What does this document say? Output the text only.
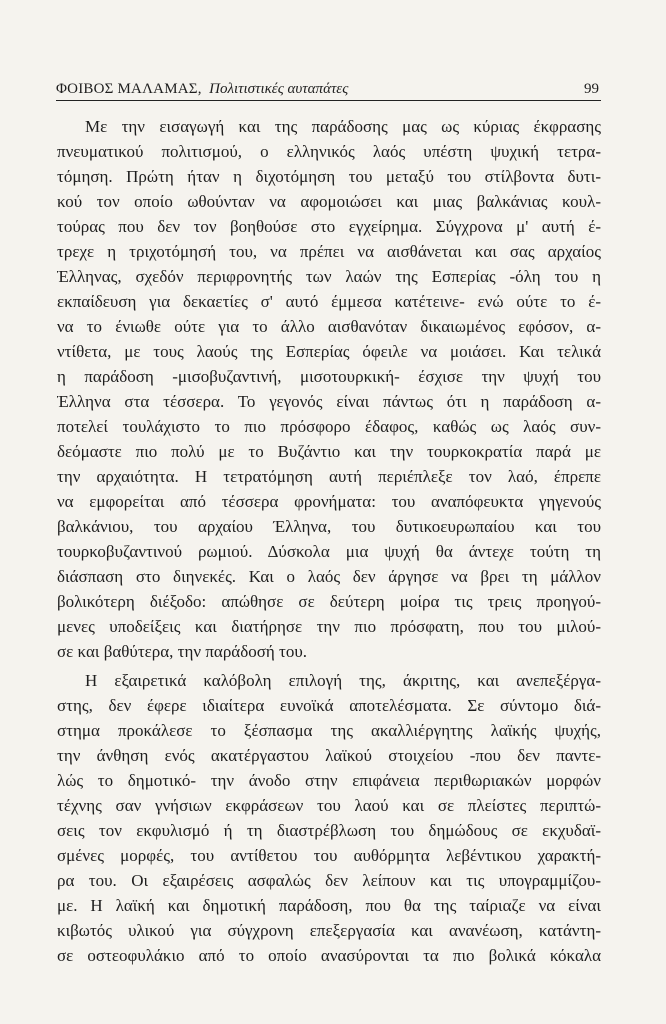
ΦΟΙΒΟΣ ΜΑΛΑΜΑΣ, Πολιτιστικές αυταπάτες	99
Με την εισαγωγή και της παράδοσης μας ως κύριας έκφρασης
πνευματικού πολιτισμού, ο ελληνικός λαός υπέστη ψυχική τετρα-
τόμηση. Πρώτη ήταν η διχοτόμηση του μεταξύ του στίλβοντα δυτι-
κού τον οποίο ωθούνταν να αφομοιώσει και μιας βαλκάνιας κουλ-
τούρας που δεν τον βοηθούσε στο εγχείρημα. Σύγχρονα μ' αυτή έ-
τρεχε η τριχοτόμησή του, να πρέπει να αισθάνεται και σας αρχαίος
Έλληνας, σχεδόν περιφρονητής των λαών της Εσπερίας -όλη του η
εκπαίδευση για δεκαετίες σ' αυτό έμμεσα κατέτεινε- ενώ ούτε το έ-
να το ένιωθε ούτε για το άλλο αισθανόταν δικαιωμένος εφόσον, α-
ντίθετα, με τους λαούς της Εσπερίας όφειλε να μοιάσει. Και τελικά
η παράδοση -μισοβυζαντινή, μισοτουρκική- έσχισε την ψυχή του
Έλληνα στα τέσσερα. Το γεγονός είναι πάντως ότι η παράδοση α-
ποτελεί τουλάχιστο το πιο πρόσφορο έδαφος, καθώς ως λαός συν-
δεόμαστε πιο πολύ με το Βυζάντιο και την τουρκοκρατία παρά με
την αρχαιότητα. Η τετρατόμηση αυτή περιέπλεξε τον λαό, έπρεπε
να εμφορείται από τέσσερα φρονήματα: του αναπόφευκτα γηγενούς
βαλκάνιου, του αρχαίου Έλληνα, του δυτικοευρωπαίου και του
τουρκοβυζαντινού ρωμιού. Δύσκολα μια ψυχή θα άντεχε τούτη τη
διάσπαση στο διηνεκές. Και ο λαός δεν άργησε να βρει τη μάλλον
βολικότερη διέξοδο: απώθησε σε δεύτερη μοίρα τις τρεις προηγού-
μενες υποδείξεις και διατήρησε την πιο πρόσφατη, που του μιλού-
σε και βαθύτερα, την παράδοσή του.
Η εξαιρετικά καλόβολη επιλογή της, άκριτης, και ανεπεξέργα-
στης, δεν έφερε ιδιαίτερα ευνοϊκά αποτελέσματα. Σε σύντομο διά-
στημα προκάλεσε το ξέσπασμα της ακαλλιέργητης λαϊκής ψυχής,
την άνθηση ενός ακατέργαστου λαϊκού στοιχείου -που δεν παντε-
λώς το δημοτικό- την άνοδο στην επιφάνεια περιθωριακών μορφών
τέχνης σαν γνήσιων εκφράσεων του λαού και σε πλείστες περιπτώ-
σεις τον εκφυλισμό ή τη διαστρέβλωση του δημώδους σε εκχυδαϊ-
σμένες μορφές, του αντίθετου του αυθόρμητα λεβέντικου χαρακτή-
ρα του. Οι εξαιρέσεις ασφαλώς δεν λείπουν και τις υπογραμμίζου-
με. Η λαϊκή και δημοτική παράδοση, που θα της ταίριαζε να είναι
κιβωτός υλικού για σύγχρονη επεξεργασία και ανανέωση, κατάντη-
σε οστεοφυλάκιο από το οποίο ανασύρονται τα πιο βολικά κόκαλα
